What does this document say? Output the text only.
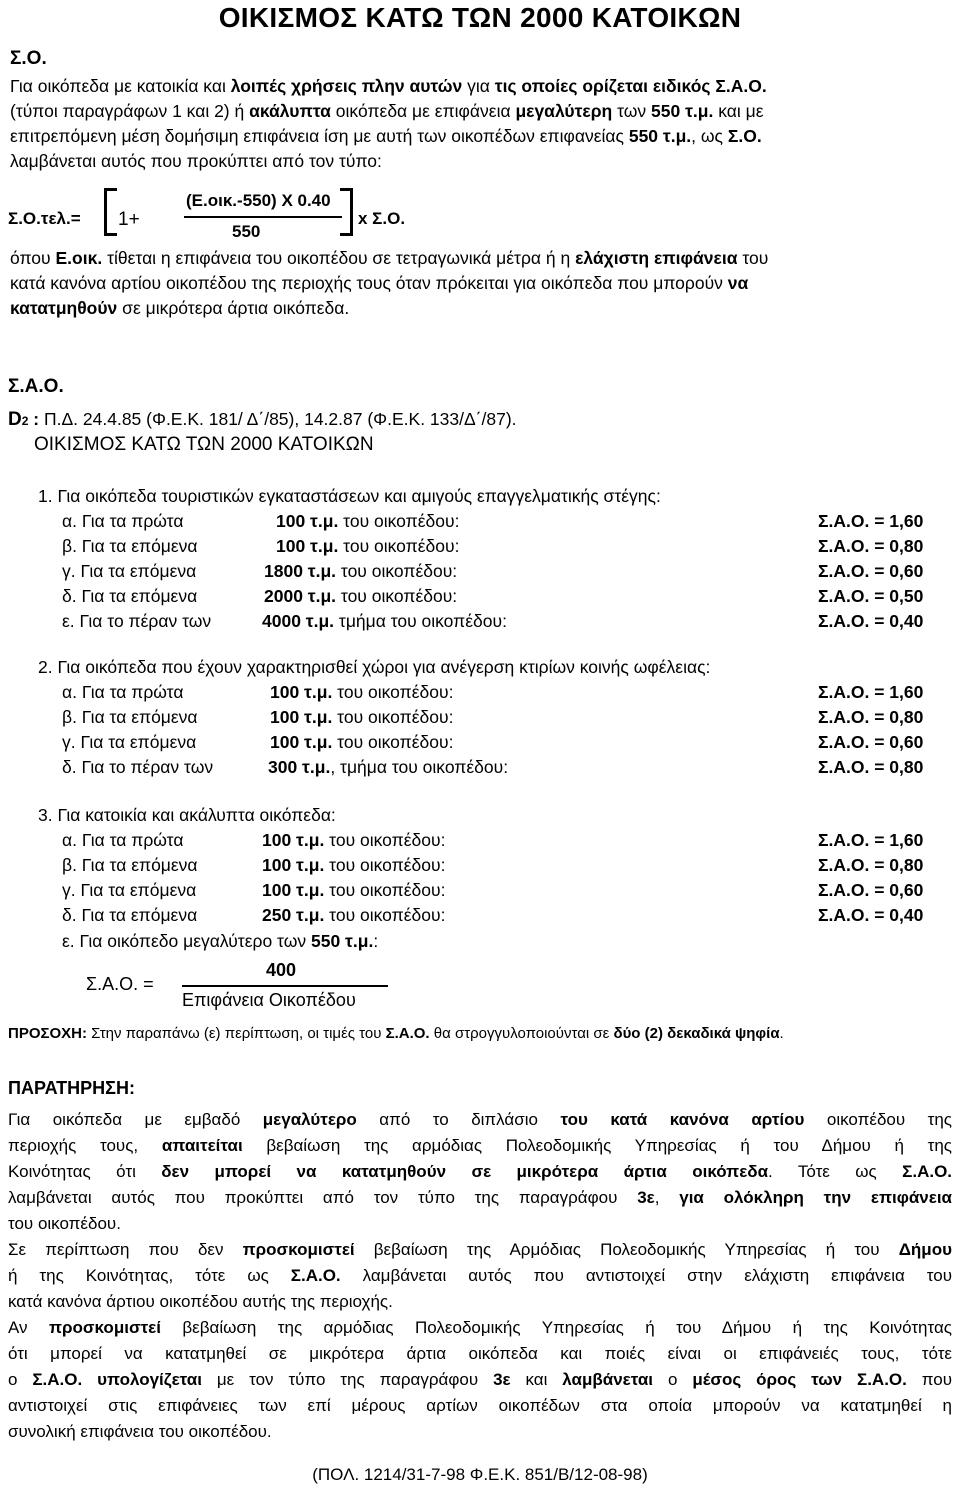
ΟΙΚΙΣΜΟΣ ΚΑΤΩ ΤΩΝ 2000 ΚΑΤΟΙΚΩΝ
Σ.Ο.
Για οικόπεδα με κατοικία και λοιπές χρήσεις πλην αυτών για τις οποίες ορίζεται ειδικός Σ.Α.Ο.
(τύποι παραγράφων 1 και 2) ή ακάλυπτα οικόπεδα με επιφάνεια μεγαλύτερη των 550 τ.μ. και με
επιτρεπόμενη μέση δομήσιμη επιφάνεια ίση με αυτή των οικοπέδων επιφανείας 550 τ.μ., ως Σ.Ο.
λαμβάνεται αυτός που προκύπτει από τον τύπο:
Σ.Ο.τελ.= 1+
(Ε.οικ.-550) Χ 0.40
550
x Σ.Ο.
όπου Ε.οικ. τίθεται η επιφάνεια του οικοπέδου σε τετραγωνικά μέτρα ή η ελάχιστη επιφάνεια του
κατά κανόνα αρτίου οικοπέδου της περιοχής τους όταν πρόκειται για οικόπεδα που μπορούν να
κατατμηθούν σε μικρότερα άρτια οικόπεδα.
Σ.Α.Ο.
D2 : Π.Δ. 24.4.85 (Φ.Ε.Κ. 181/ Δ΄/85), 14.2.87 (Φ.Ε.Κ. 133/Δ΄/87).
ΟΙΚΙΣΜΟΣ ΚΑΤΩ ΤΩΝ 2000 ΚΑΤΟΙΚΩΝ
1. Για οικόπεδα τουριστικών εγκαταστάσεων και αμιγούς επαγγελματικής στέγης:
α. Για τα πρώτα	100 τ.μ. του οικοπέδου:	Σ.Α.Ο. = 1,60
β. Για τα επόμενα	100 τ.μ. του οικοπέδου:	Σ.Α.Ο. = 0,80
γ. Για τα επόμενα	1800 τ.μ. του οικοπέδου:	Σ.Α.Ο. = 0,60
δ. Για τα επόμενα	2000 τ.μ. του οικοπέδου:	Σ.Α.Ο. = 0,50
ε. Για το πέραν των	4000 τ.μ. τμήμα του οικοπέδου:	Σ.Α.Ο. = 0,40
2. Για οικόπεδα που έχουν χαρακτηρισθεί χώροι για ανέγερση κτιρίων κοινής ωφέλειας:
α. Για τα πρώτα	100 τ.μ. του οικοπέδου:	Σ.Α.Ο. = 1,60
β. Για τα επόμενα	100 τ.μ. του οικοπέδου:	Σ.Α.Ο. = 0,80
γ. Για τα επόμενα	100 τ.μ. του οικοπέδου:	Σ.Α.Ο. = 0,60
δ. Για το πέραν των	300 τ.μ., τμήμα του οικοπέδου:	Σ.Α.Ο. = 0,80
3. Για κατοικία και ακάλυπτα οικόπεδα:
α. Για τα πρώτα	100 τ.μ. του οικοπέδου:	Σ.Α.Ο. = 1,60
β. Για τα επόμενα	100 τ.μ. του οικοπέδου:	Σ.Α.Ο. = 0,80
γ. Για τα επόμενα	100 τ.μ. του οικοπέδου:	Σ.Α.Ο. = 0,60
δ. Για τα επόμενα	250 τ.μ. του οικοπέδου:	Σ.Α.Ο. = 0,40
ε. Για οικόπεδο μεγαλύτερο των 550 τ.μ.:
Σ.Α.Ο. =
400
Επιφάνεια Οικοπέδου
ΠΡΟΣΟΧΗ: Στην παραπάνω (ε) περίπτωση, οι τιμές του Σ.Α.Ο. θα στρογγυλοποιούνται σε δύο (2) δεκαδικά ψηφία.
ΠΑΡΑΤΗΡΗΣΗ:
Για οικόπεδα με εμβαδό μεγαλύτερο από το διπλάσιο του κατά κανόνα αρτίου οικοπέδου της
περιοχής τους, απαιτείται βεβαίωση της αρμόδιας Πολεοδομικής Υπηρεσίας ή του Δήμου ή της
Κοινότητας ότι δεν μπορεί να κατατμηθούν σε μικρότερα άρτια οικόπεδα. Τότε ως Σ.Α.Ο.
λαμβάνεται αυτός που προκύπτει από τον τύπο της παραγράφου 3ε, για ολόκληρη την επιφάνεια
του οικοπέδου.
Σε περίπτωση που δεν προσκομιστεί βεβαίωση της Αρμόδιας Πολεοδομικής Υπηρεσίας ή του Δήμου
ή της Κοινότητας, τότε ως Σ.Α.Ο. λαμβάνεται αυτός που αντιστοιχεί στην ελάχιστη επιφάνεια του
κατά κανόνα άρτιου οικοπέδου αυτής της περιοχής.
Αν προσκομιστεί βεβαίωση της αρμόδιας Πολεοδομικής Υπηρεσίας ή του Δήμου ή της Κοινότητας
ότι μπορεί να κατατμηθεί σε μικρότερα άρτια οικόπεδα και ποιές είναι οι επιφάνειές τους, τότε
ο Σ.Α.Ο. υπολογίζεται με τον τύπο της παραγράφου 3ε και λαμβάνεται ο μέσος όρος των Σ.Α.Ο. που
αντιστοιχεί στις επιφάνειες των επί μέρους αρτίων οικοπέδων στα οποία μπορούν να κατατμηθεί η
συνολική επιφάνεια του οικοπέδου.
(ΠΟΛ. 1214/31-7-98 Φ.Ε.Κ. 851/Β/12-08-98)
